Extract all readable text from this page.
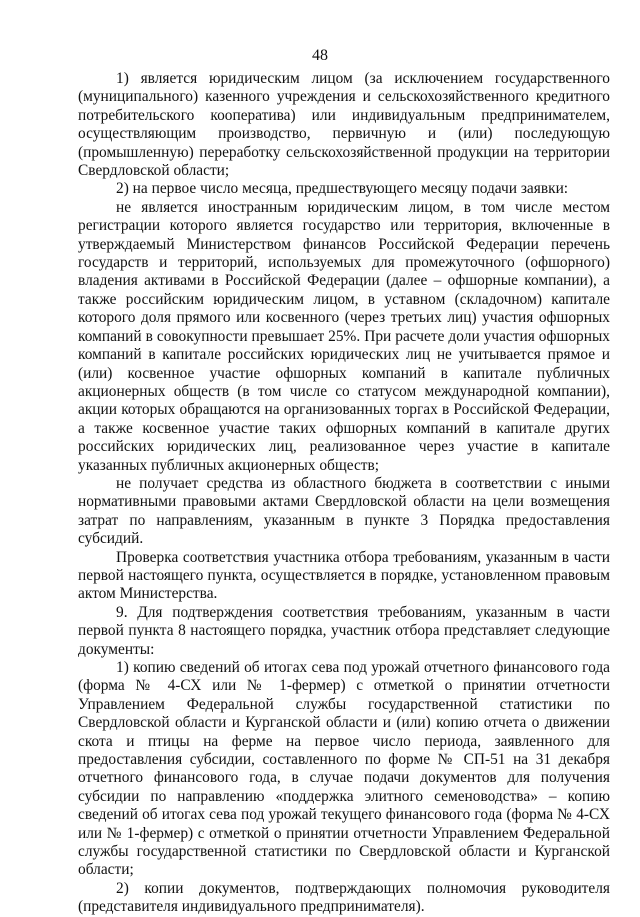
48

1) является юридическим лицом (за исключением государственного (муниципального) казенного учреждения и сельскохозяйственного кредитного потребительского кооператива) или индивидуальным предпринимателем, осуществляющим производство, первичную и (или) последующую (промышленную) переработку сельскохозяйственной продукции на территории Свердловской области;

2) на первое число месяца, предшествующего месяцу подачи заявки:

не является иностранным юридическим лицом, в том числе местом регистрации которого является государство или территория, включенные в утверждаемый Министерством финансов Российской Федерации перечень государств и территорий, используемых для промежуточного (офшорного) владения активами в Российской Федерации (далее – офшорные компании), а также российским юридическим лицом, в уставном (складочном) капитале которого доля прямого или косвенного (через третьих лиц) участия офшорных компаний в совокупности превышает 25%. При расчете доли участия офшорных компаний в капитале российских юридических лиц не учитывается прямое и (или) косвенное участие офшорных компаний в капитале публичных акционерных обществ (в том числе со статусом международной компании), акции которых обращаются на организованных торгах в Российской Федерации, а также косвенное участие таких офшорных компаний в капитале других российских юридических лиц, реализованное через участие в капитале указанных публичных акционерных обществ;

не получает средства из областного бюджета в соответствии с иными нормативными правовыми актами Свердловской области на цели возмещения затрат по направлениям, указанным в пункте 3 Порядка предоставления субсидий.

Проверка соответствия участника отбора требованиям, указанным в части первой настоящего пункта, осуществляется в порядке, установленном правовым актом Министерства.

9. Для подтверждения соответствия требованиям, указанным в части первой пункта 8 настоящего порядка, участник отбора представляет следующие документы:

1) копию сведений об итогах сева под урожай отчетного финансового года (форма № 4-СХ или № 1-фермер) с отметкой о принятии отчетности Управлением Федеральной службы государственной статистики по Свердловской области и Курганской области и (или) копию отчета о движении скота и птицы на ферме на первое число периода, заявленного для предоставления субсидии, составленного по форме № СП-51 на 31 декабря отчетного финансового года, в случае подачи документов для получения субсидии по направлению «поддержка элитного семеноводства» – копию сведений об итогах сева под урожай текущего финансового года (форма № 4-СХ или № 1-фермер) с отметкой о принятии отчетности Управлением Федеральной службы государственной статистики по Свердловской области и Курганской области;

2) копии документов, подтверждающих полномочия руководителя (представителя индивидуального предпринимателя).
